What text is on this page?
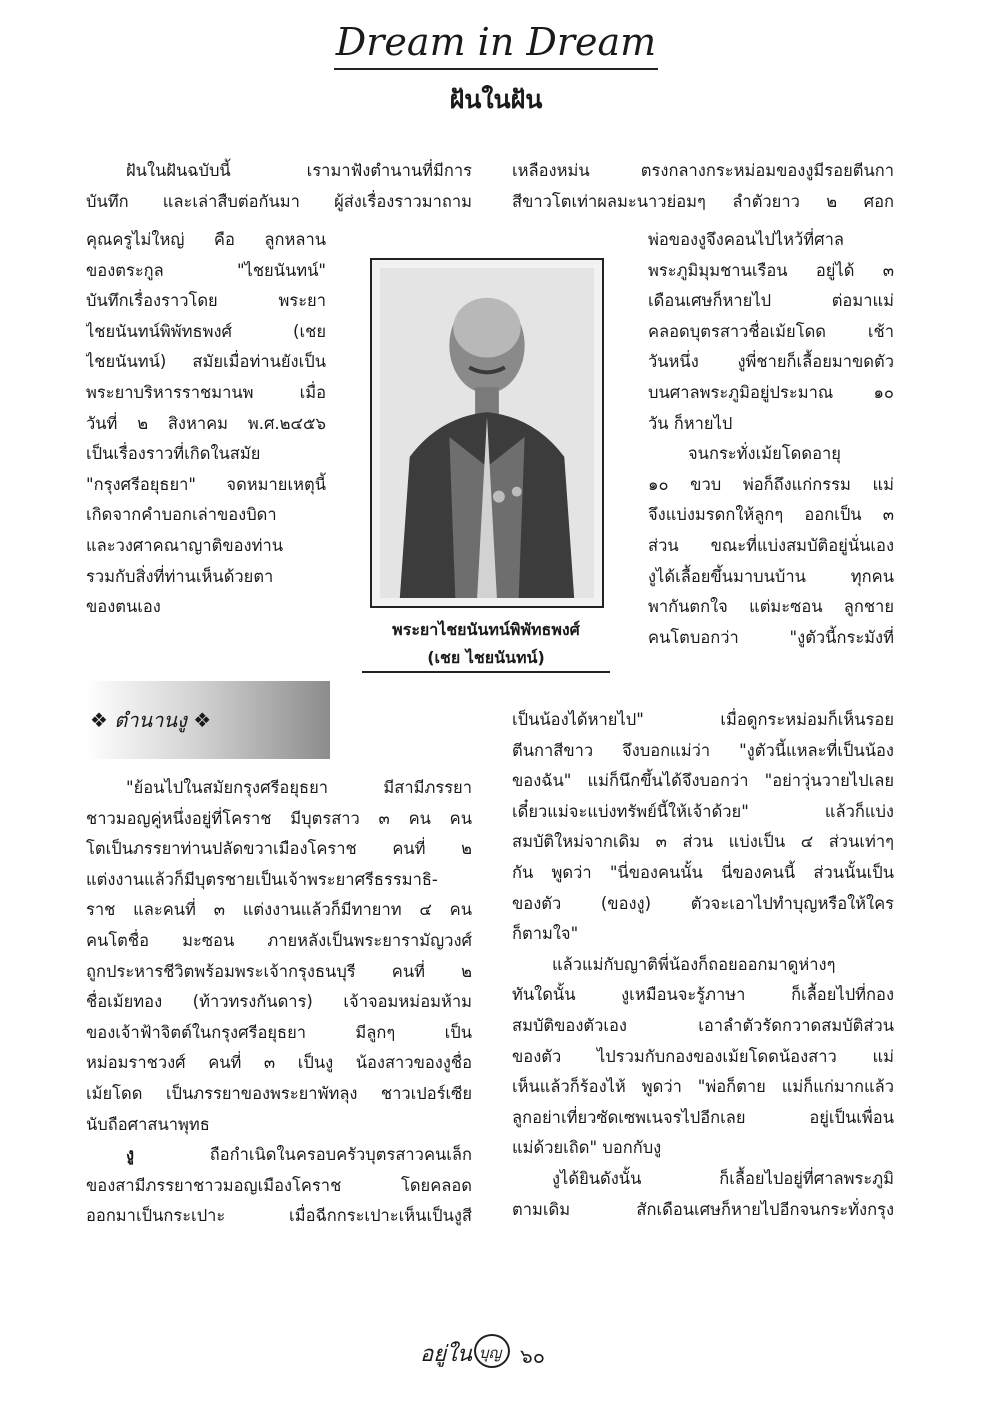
Dream in Dream
ฝันในฝัน

ฝันในฝันฉบับนี้ เรามาฟังตำนานที่มีการ
บันทึก และเล่าสืบต่อกันมา ผู้ส่งเรื่องราวมาถาม

คุณครูไม่ใหญ่ คือ ลูกหลาน
ของตระกูล "ไชยนันทน์"
บันทึกเรื่องราวโดย พระยา
ไชยนันทน์พิพัทธพงศ์ (เชย
ไชยนันทน์) สมัยเมื่อท่านยังเป็น
พระยาบริหารราชมานพ เมื่อ
วันที่ ๒ สิงหาคม พ.ศ.๒๔๕๖
เป็นเรื่องราวที่เกิดในสมัย
"กรุงศรีอยุธยา" จดหมายเหตุนี้
เกิดจากคำบอกเล่าของบิดา
และวงศาคณาญาติของท่าน
รวมกับสิ่งที่ท่านเห็นด้วยตา
ของตนเอง

พระยาไชยนันทน์พิพัทธพงศ์
(เชย ไชยนันทน์)
❖ ตำนานงู ❖

"ย้อนไปในสมัยกรุงศรีอยุธยา มีสามีภรรยา
ชาวมอญคู่หนึ่งอยู่ที่โคราช มีบุตรสาว ๓ คน คน
โตเป็นภรรยาท่านปลัดขวาเมืองโคราช คนที่ ๒
แต่งงานแล้วก็มีบุตรชายเป็นเจ้าพระยาศรีธรรมาธิ-
ราช และคนที่ ๓ แต่งงานแล้วก็มีทายาท ๔ คน
คนโตชื่อ มะซอน ภายหลังเป็นพระยารามัญวงศ์
ถูกประหารชีวิตพร้อมพระเจ้ากรุงธนบุรี คนที่ ๒
ชื่อเม้ยทอง (ท้าวทรงกันดาร) เจ้าจอมหม่อมห้าม
ของเจ้าฟ้าจิตต์ในกรุงศรีอยุธยา มีลูกๆ เป็น
หม่อมราชวงศ์ คนที่ ๓ เป็นงู น้องสาวของงูชื่อ
เม้ยโดด เป็นภรรยาของพระยาพัทลุง ชาวเปอร์เซีย
นับถือศาสนาพุทธ

งู ถือกำเนิดในครอบครัวบุตรสาวคนเล็ก
ของสามีภรรยาชาวมอญเมืองโคราช โดยคลอด
ออกมาเป็นกระเปาะ เมื่อฉีกกระเปาะเห็นเป็นงูสี

เหลืองหม่น ตรงกลางกระหม่อมของงูมีรอยตีนกา
สีขาวโตเท่าผลมะนาวย่อมๆ ลำตัวยาว ๒ ศอก

พ่อของงูจึงคอนไปไหว้ที่ศาล
พระภูมิมุมชานเรือน อยู่ได้ ๓
เดือนเศษก็หายไป ต่อมาแม่
คลอดบุตรสาวชื่อเม้ยโดด เช้า
วันหนึ่ง งูพี่ชายก็เลื้อยมาขดตัว
บนศาลพระภูมิอยู่ประมาณ ๑๐
วัน ก็หายไป
จนกระทั่งเม้ยโดดอายุ
๑๐ ขวบ พ่อก็ถึงแก่กรรม แม่
จึงแบ่งมรดกให้ลูกๆ ออกเป็น ๓
ส่วน ขณะที่แบ่งสมบัติอยู่นั่นเอง
งูได้เลื้อยขึ้นมาบนบ้าน ทุกคน
พากันตกใจ แต่มะซอน ลูกชาย
คนโตบอกว่า "งูตัวนี้กระมังที่

เป็นน้องได้หายไป" เมื่อดูกระหม่อมก็เห็นรอย
ตีนกาสีขาว จึงบอกแม่ว่า "งูตัวนี้แหละที่เป็นน้อง
ของฉัน" แม่ก็นึกขึ้นได้จึงบอกว่า "อย่าวุ่นวายไปเลย
เดี๋ยวแม่จะแบ่งทรัพย์นี้ให้เจ้าด้วย" แล้วก็แบ่ง
สมบัติใหม่จากเดิม ๓ ส่วน แบ่งเป็น ๔ ส่วนเท่าๆ
กัน พูดว่า "นี่ของคนนั้น นี่ของคนนี้ ส่วนนั้นเป็น
ของตัว (ของงู) ตัวจะเอาไปทำบุญหรือให้ใคร
ก็ตามใจ"
แล้วแม่กับญาติพี่น้องก็ถอยออกมาดูห่างๆ
ทันใดนั้น งูเหมือนจะรู้ภาษา ก็เลื้อยไปที่กอง
สมบัติของตัวเอง เอาลำตัวรัดกวาดสมบัติส่วน
ของตัว ไปรวมกับกองของเม้ยโดดน้องสาว แม่
เห็นแล้วก็ร้องไห้ พูดว่า "พ่อก็ตาย แม่ก็แก่มากแล้ว
ลูกอย่าเที่ยวซัดเซพเนจรไปอีกเลย อยู่เป็นเพื่อน
แม่ด้วยเถิด" บอกกับงู
งูได้ยินดังนั้น ก็เลื้อยไปอยู่ที่ศาลพระภูมิ
ตามเดิม สักเดือนเศษก็หายไปอีกจนกระทั่งกรุง

อยู่ใน บุญ ๖๐
